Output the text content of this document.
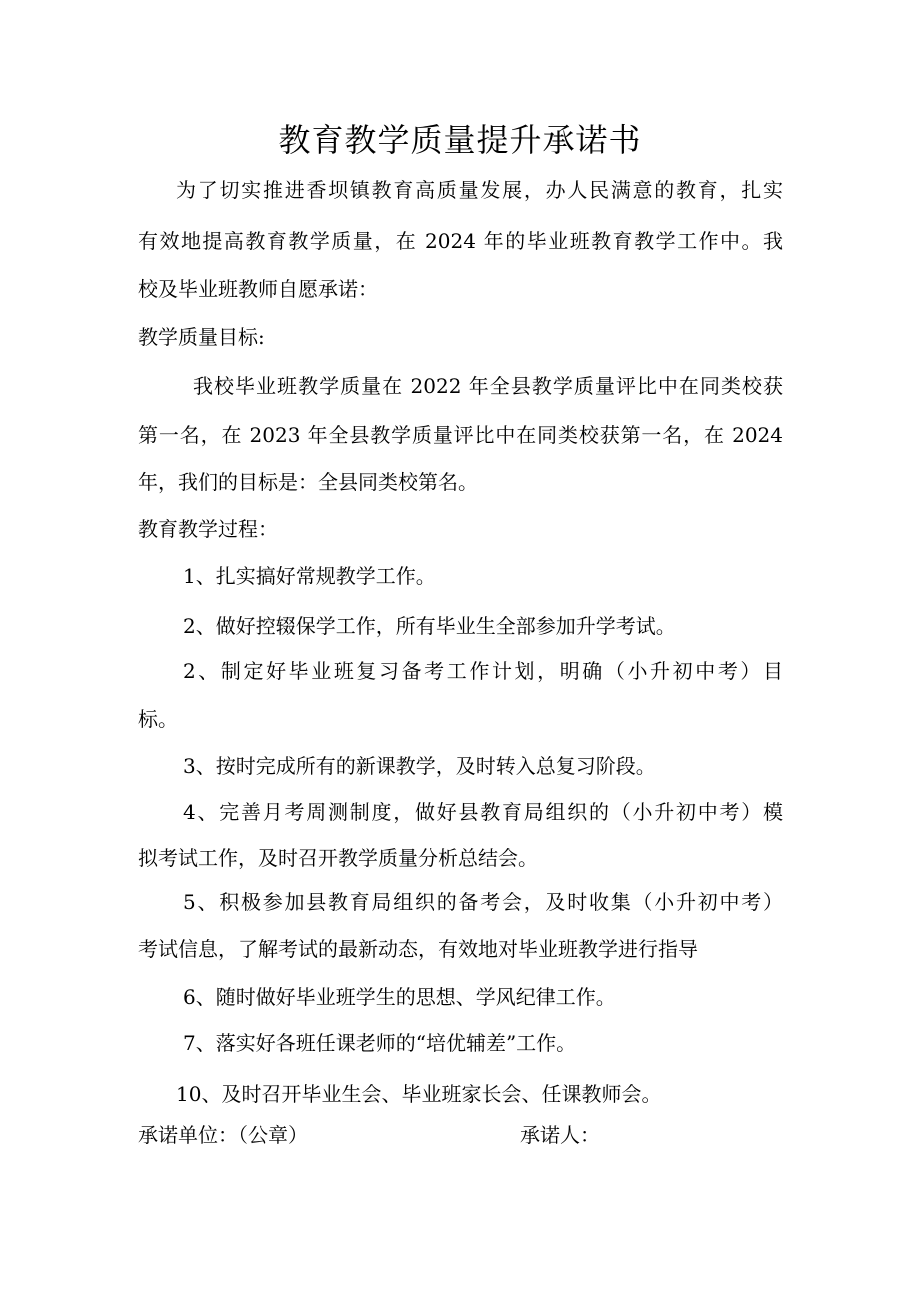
教育教学质量提升承诺书
为了切实推进香坝镇教育高质量发展，办人民满意的教育，扎实
有效地提高教育教学质量，在 2024 年的毕业班教育教学工作中。我
校及毕业班教师自愿承诺：
教学质量目标:
我校毕业班教学质量在 2022 年全县教学质量评比中在同类校获
第一名，在 2023 年全县教学质量评比中在同类校获第一名，在 2024
年，我们的目标是：全县同类校第名。
教育教学过程：
1、扎实搞好常规教学工作。
2、做好控辍保学工作，所有毕业生全部参加升学考试。
2、制定好毕业班复习备考工作计划，明确（小升初中考）目
标。
3、按时完成所有的新课教学，及时转入总复习阶段。
4、完善月考周测制度，做好县教育局组织的（小升初中考）模
拟考试工作，及时召开教学质量分析总结会。
5、积极参加县教育局组织的备考会，及时收集（小升初中考）
考试信息，了解考试的最新动态，有效地对毕业班教学进行指导
6、随时做好毕业班学生的思想、学风纪律工作。
7、落实好各班任课老师的“培优辅差”工作。
10、及时召开毕业生会、毕业班家长会、任课教师会。
承诺单位：（公章）	承诺人：
